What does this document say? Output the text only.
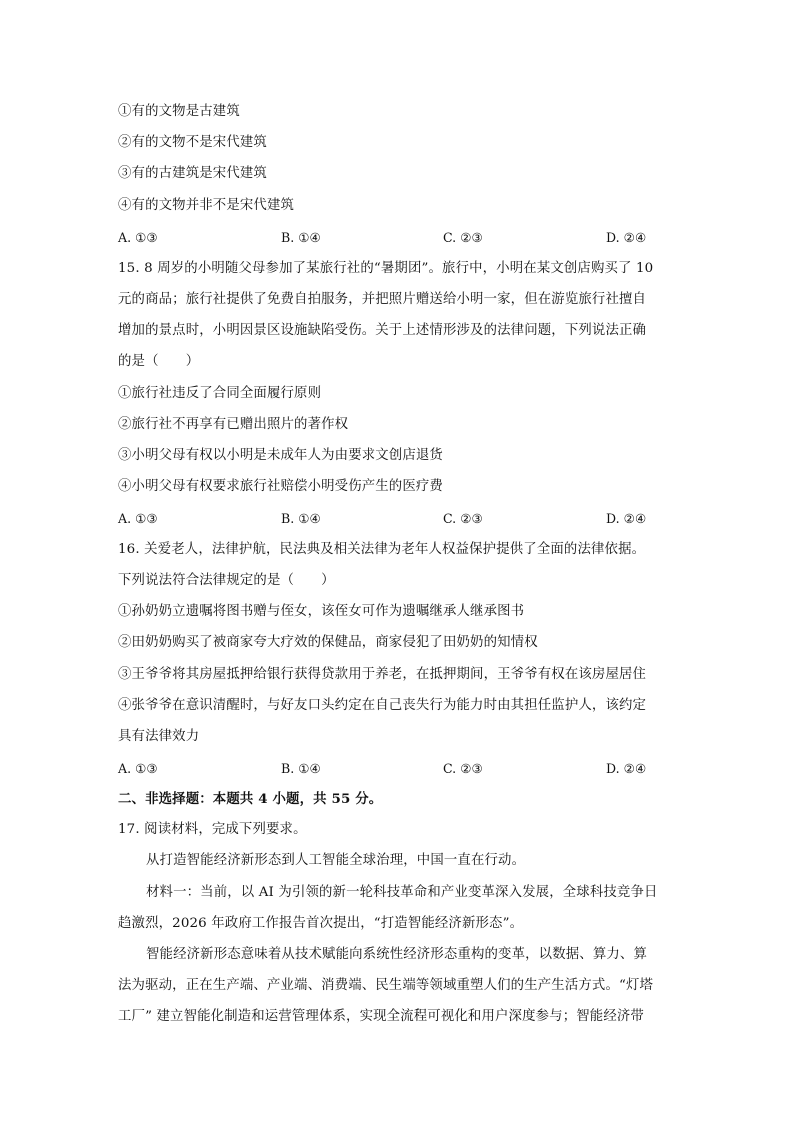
①有的文物是古建筑
②有的文物不是宋代建筑
③有的古建筑是宋代建筑
④有的文物并非不是宋代建筑
A. ①③	B. ①④	C. ②③	D. ②④
15. 8 周岁的小明随父母参加了某旅行社的“暑期团”。旅行中，小明在某文创店购买了 10
元的商品；旅行社提供了免费自拍服务，并把照片赠送给小明一家，但在游览旅行社擅自
增加的景点时，小明因景区设施缺陷受伤。关于上述情形涉及的法律问题，下列说法正确
的是（　　）
①旅行社违反了合同全面履行原则
②旅行社不再享有已赠出照片的著作权
③小明父母有权以小明是未成年人为由要求文创店退货
④小明父母有权要求旅行社赔偿小明受伤产生的医疗费
A. ①③	B. ①④	C. ②③	D. ②④
16. 关爱老人，法律护航，民法典及相关法律为老年人权益保护提供了全面的法律依据。
下列说法符合法律规定的是（　　）
①孙奶奶立遗嘱将图书赠与侄女，该侄女可作为遗嘱继承人继承图书
②田奶奶购买了被商家夸大疗效的保健品，商家侵犯了田奶奶的知情权
③王爷爷将其房屋抵押给银行获得贷款用于养老，在抵押期间，王爷爷有权在该房屋居住
④张爷爷在意识清醒时，与好友口头约定在自己丧失行为能力时由其担任监护人，该约定
具有法律效力
A. ①③	B. ①④	C. ②③	D. ②④
二、非选择题：本题共 4 小题，共 55 分。
17. 阅读材料，完成下列要求。
从打造智能经济新形态到人工智能全球治理，中国一直在行动。
材料一：当前，以 AI 为引领的新一轮科技革命和产业变革深入发展，全球科技竞争日
趋激烈，2026 年政府工作报告首次提出，“打造智能经济新形态”。
智能经济新形态意味着从技术赋能向系统性经济形态重构的变革，以数据、算力、算
法为驱动，正在生产端、产业端、消费端、民生端等领域重塑人们的生产生活方式。“灯塔
工厂” 建立智能化制造和运营管理体系，实现全流程可视化和用户深度参与；智能经济带
